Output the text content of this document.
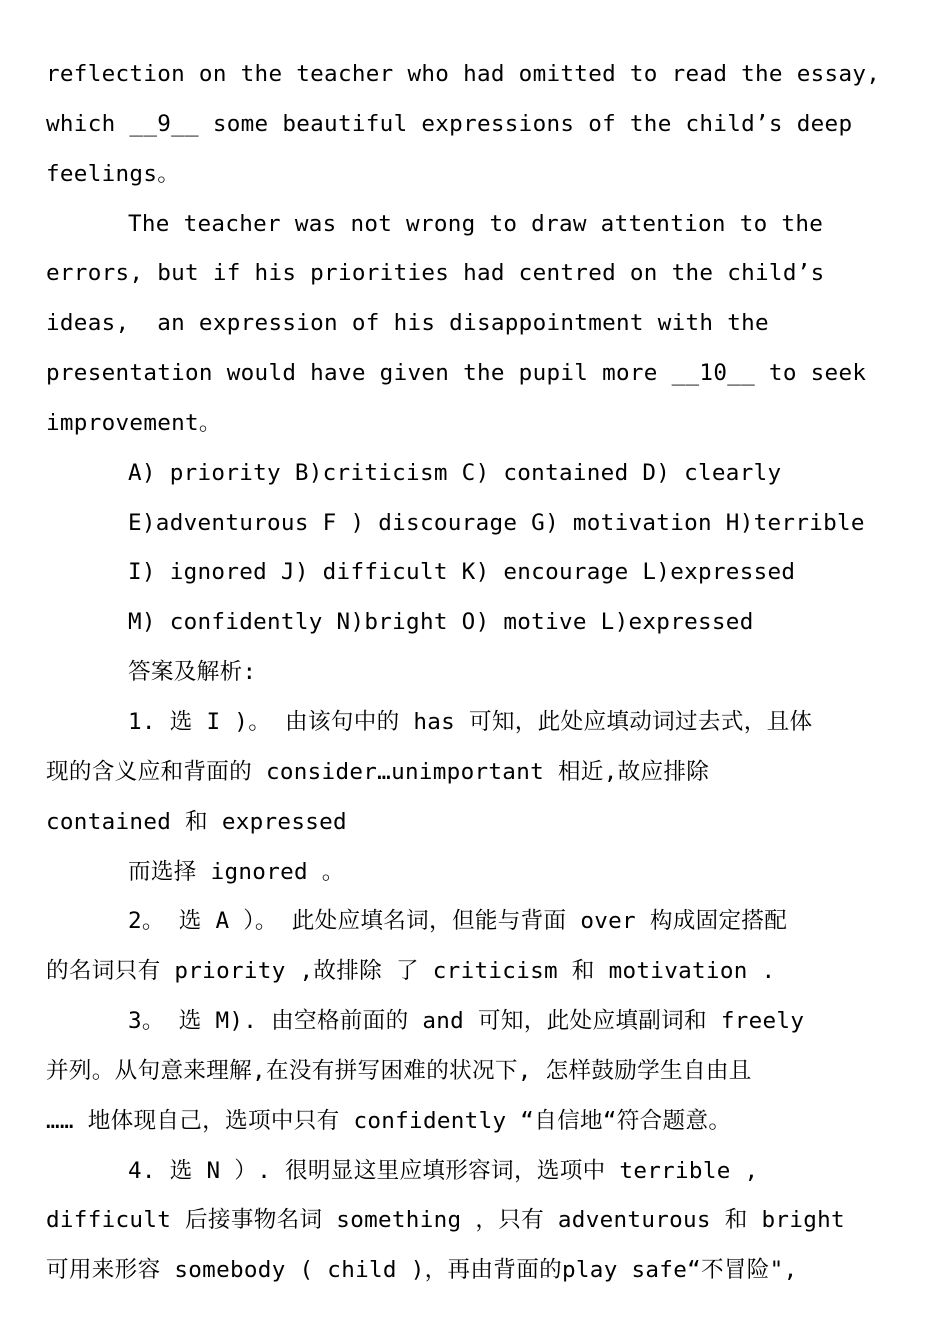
reflection on the teacher who had omitted to read the essay,
which __9__ some beautiful expressions of the child’s deep
feelings。
The teacher was not wrong to draw attention to the
errors, but if his priorities had centred on the child’s
ideas,  an expression of his disappointment with the
presentation would have given the pupil more __10__ to seek
improvement。
A) priority B)criticism C) contained D) clearly
E)adventurous F ) discourage G) motivation H)terrible
I) ignored J) difficult K) encourage L)expressed
M) confidently N)bright O) motive L)expressed
答案及解析:
1. 选 I )。 由该句中的 has 可知，此处应填动词过去式，且体
现的含义应和背面的 consider…unimportant 相近,故应排除
contained 和 expressed
而选择 ignored 。
2。 选 A ）。 此处应填名词，但能与背面 over 构成固定搭配
的名词只有 priority ,故排除 了 criticism 和 motivation .
3。 选 M). 由空格前面的 and 可知，此处应填副词和 freely
并列。从句意来理解,在没有拼写困难的状况下, 怎样鼓励学生自由且
…… 地体现自己，选项中只有 confidently “自信地“符合题意。
4. 选 N ）. 很明显这里应填形容词，选项中 terrible ,
difficult 后接事物名词 something ，只有 adventurous 和 bright
可用来形容 somebody ( child )，再由背面的play safe“不冒险",
